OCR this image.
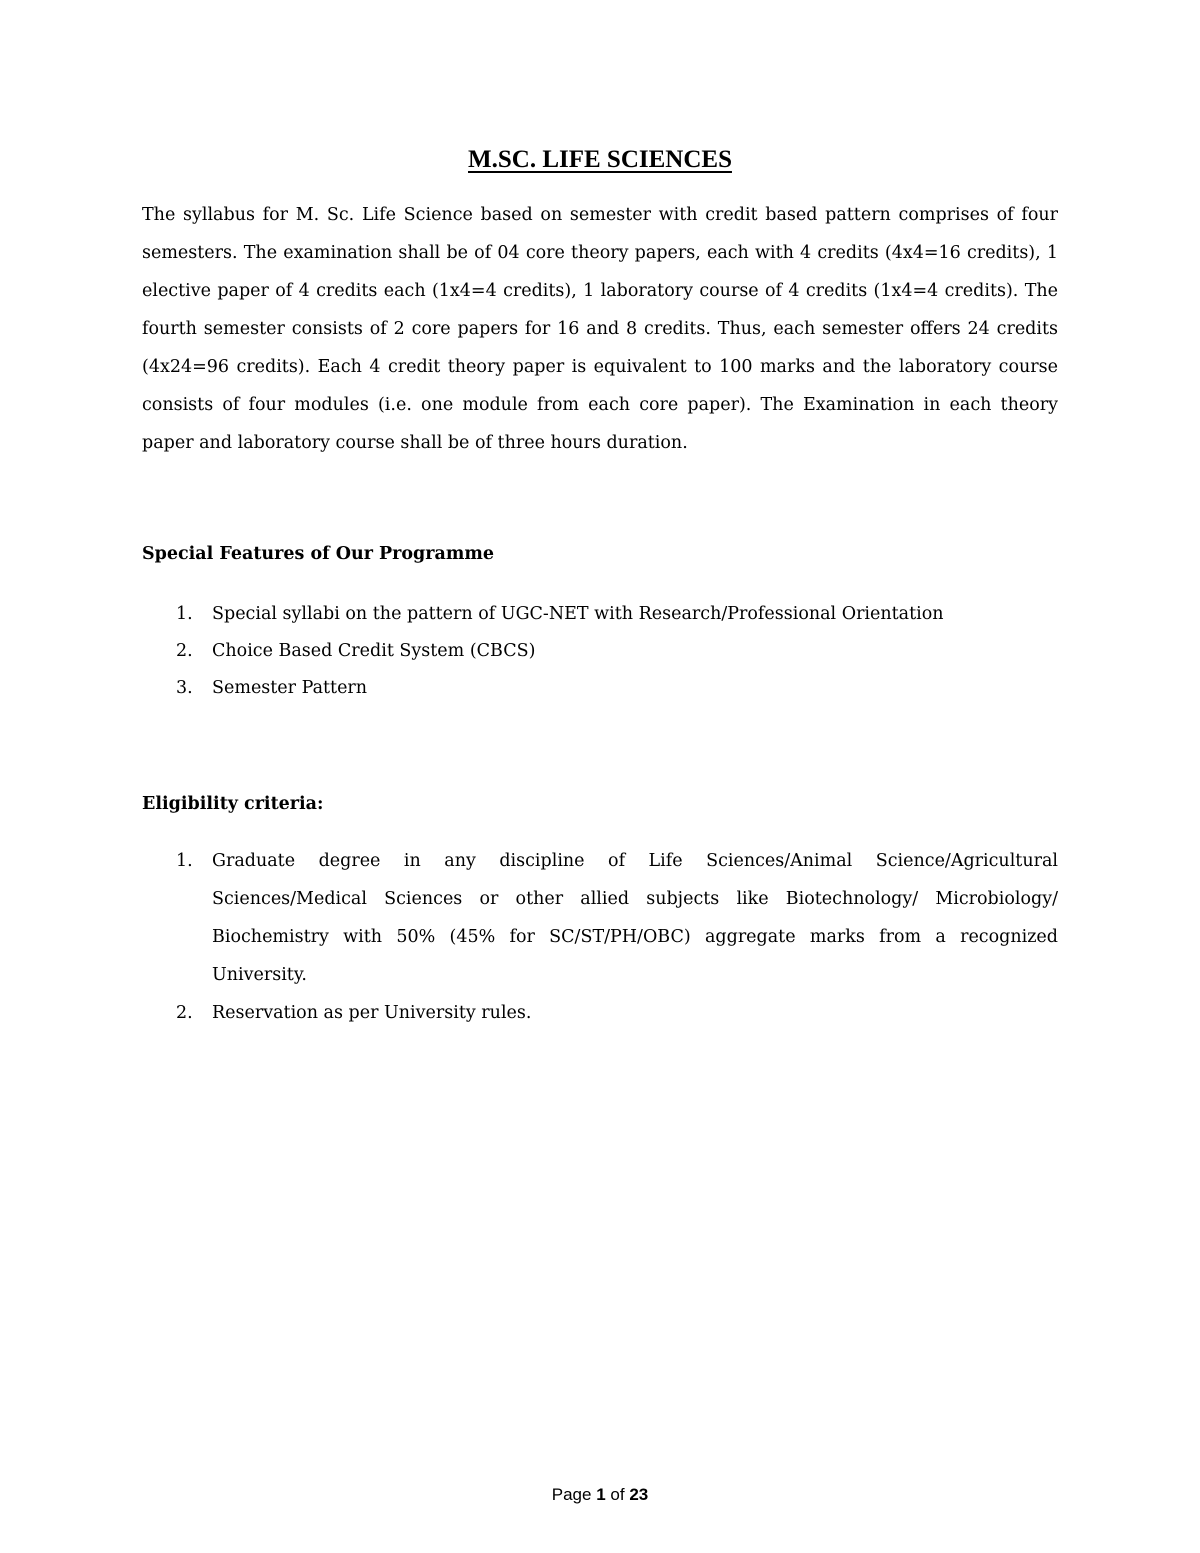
M.SC. LIFE SCIENCES

The syllabus for M. Sc. Life Science based on semester with credit based pattern comprises of four semesters. The examination shall be of 04 core theory papers, each with 4 credits (4x4=16 credits), 1 elective paper of 4 credits each (1x4=4 credits), 1 laboratory course of 4 credits (1x4=4 credits). The fourth semester consists of 2 core papers for 16 and 8 credits. Thus, each semester offers 24 credits (4x24=96 credits). Each 4 credit theory paper is equivalent to 100 marks and the laboratory course consists of four modules (i.e. one module from each core paper). The Examination in each theory paper and laboratory course shall be of three hours duration.

Special Features of Our Programme

1. Special syllabi on the pattern of UGC-NET with Research/Professional Orientation
2. Choice Based Credit System (CBCS)
3. Semester Pattern

Eligibility criteria:

1. Graduate degree in any discipline of Life Sciences/Animal Science/Agricultural Sciences/Medical Sciences or other allied subjects like Biotechnology/ Microbiology/ Biochemistry with 50% (45% for SC/ST/PH/OBC) aggregate marks from a recognized University.
2. Reservation as per University rules.
Page 1 of 23
